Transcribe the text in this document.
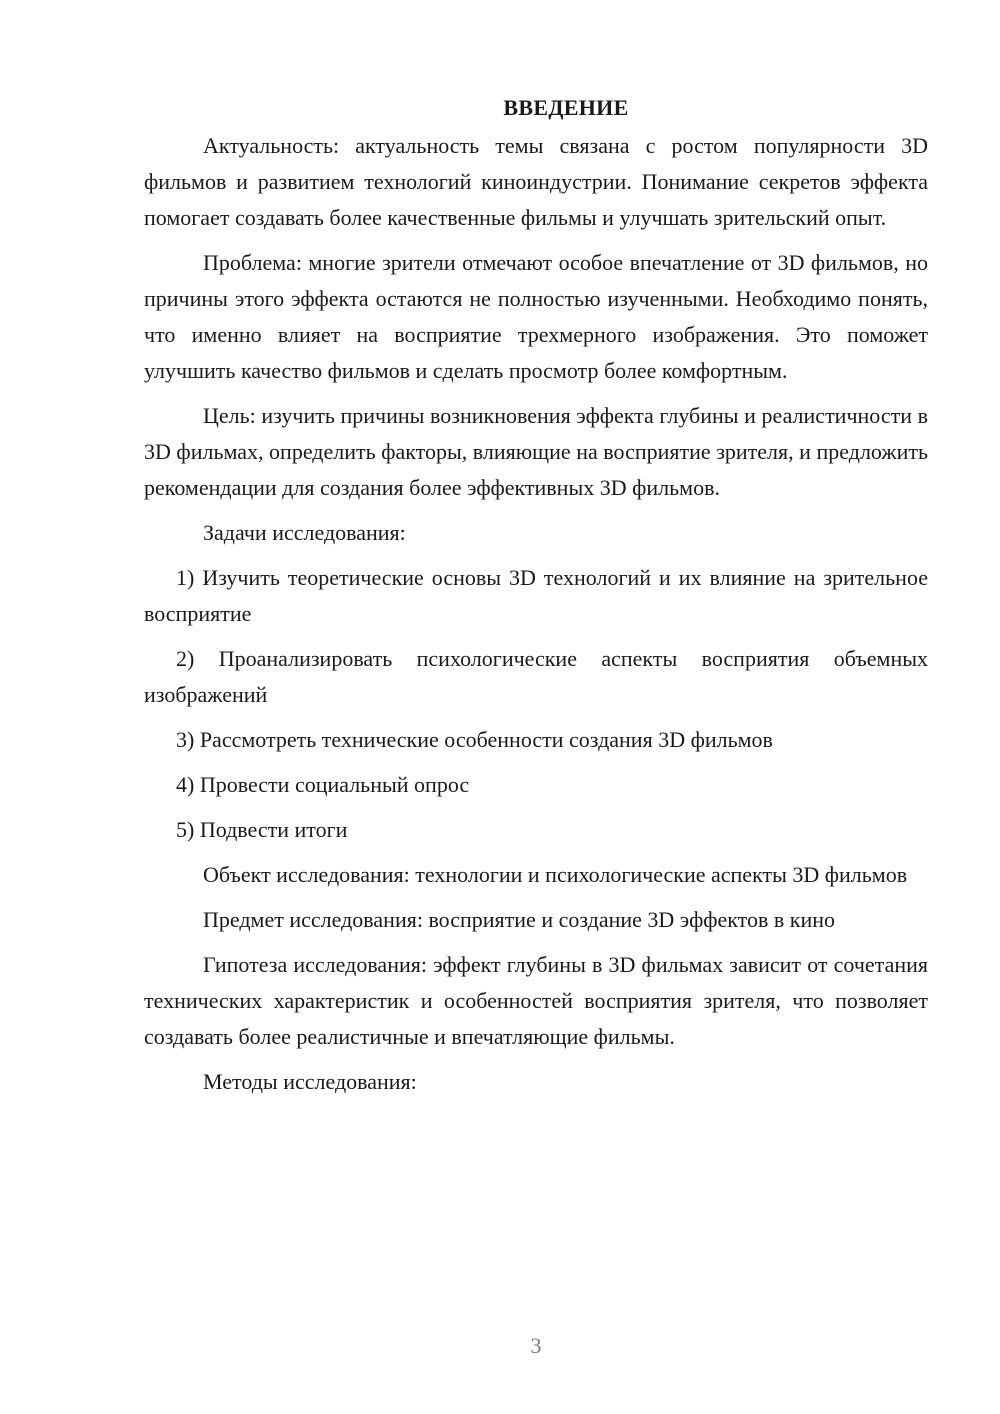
ВВЕДЕНИЕ

Актуальность: актуальность темы связана с ростом популярности 3D фильмов и развитием технологий киноиндустрии. Понимание секретов эффекта помогает создавать более качественные фильмы и улучшать зрительский опыт.

Проблема: многие зрители отмечают особое впечатление от 3D фильмов, но причины этого эффекта остаются не полностью изученными. Необходимо понять, что именно влияет на восприятие трехмерного изображения. Это поможет улучшить качество фильмов и сделать просмотр более комфортным.

Цель: изучить причины возникновения эффекта глубины и реалистичности в 3D фильмах, определить факторы, влияющие на восприятие зрителя, и предложить рекомендации для создания более эффективных 3D фильмов.

Задачи исследования:

1) Изучить теоретические основы 3D технологий и их влияние на зрительное восприятие

2) Проанализировать психологические аспекты восприятия объемных изображений

3) Рассмотреть технические особенности создания 3D фильмов

4) Провести социальный опрос

5) Подвести итоги

Объект исследования: технологии и психологические аспекты 3D фильмов

Предмет исследования: восприятие и создание 3D эффектов в кино

Гипотеза исследования: эффект глубины в 3D фильмах зависит от сочетания технических характеристик и особенностей восприятия зрителя, что позволяет создавать более реалистичные и впечатляющие фильмы.

Методы исследования:

3
